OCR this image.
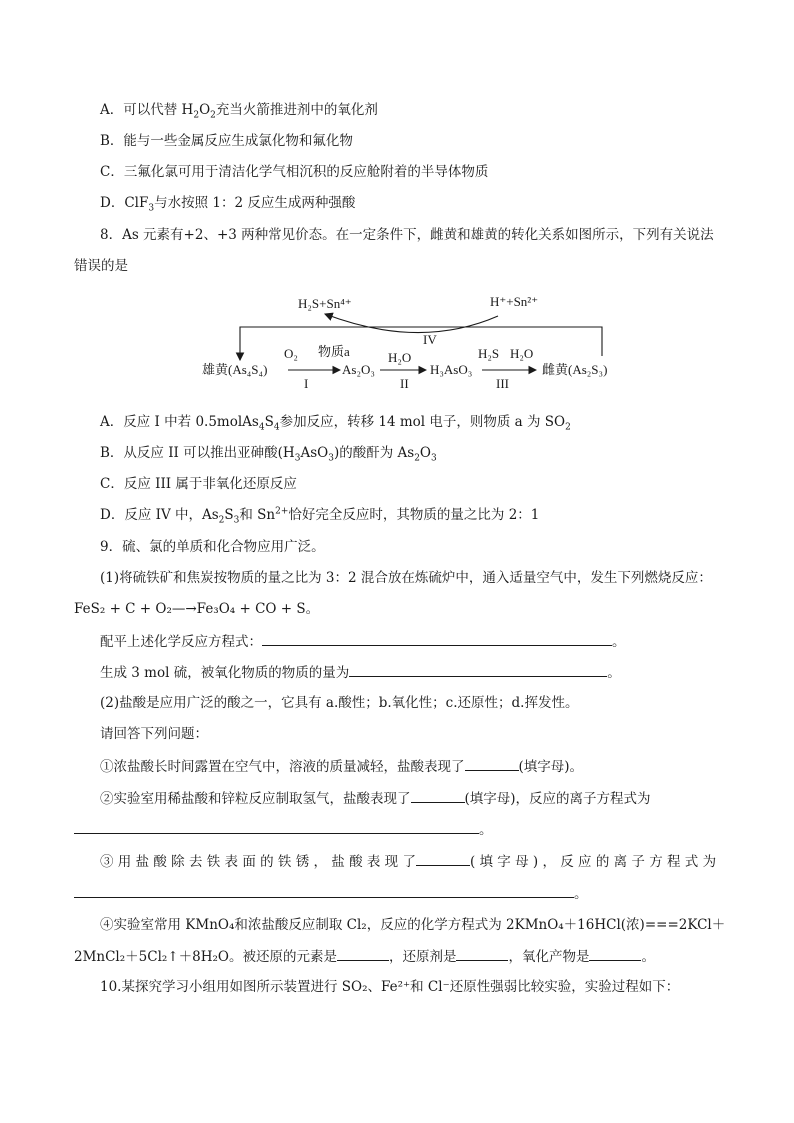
A．可以代替 $H_2O_2$充当火箭推进剂中的氧化剂
B．能与一些金属反应生成氯化物和氟化物
C．三氟化氯可用于清洁化学气相沉积的反应舱附着的半导体物质
D．ClF$_3$与水按照 1：2 反应生成两种强酸
8．As 元素有+2、+3 两种常见价态。在一定条件下，雌黄和雄黄的转化关系如图所示，下列有关说法
错误的是
H₂S+Sn⁴⁺	H⁺+Sn²⁺
IV
雄黄(As₄S₄)
O₂ 物质a
I
As₂O₃
H₂O
II
H₃AsO₃
H₂S H₂O
III
雌黄(As₂S₃)
A．反应 I 中若 $0.5molAs_4S_4$参加反应，转移 14 mol 电子，则物质 a 为 $SO_2$
B．从反应 II 可以推出亚砷酸$(H_3AsO_3)$的酸酐为 $As_2O_3$
C．反应 III 属于非氧化还原反应
D．反应 IV 中，$As_2S_3$和 $Sn^{2+}$恰好完全反应时，其物质的量之比为 2：1
9．硫、氯的单质和化合物应用广泛。
(1)将硫铁矿和焦炭按物质的量之比为 3：2 混合放在炼硫炉中，通入适量空气中，发生下列燃烧反应：
FeS₂ + C + O₂—→Fe₃O₄ + CO + S。
配平上述化学反应方程式：	。
生成 3 mol 硫，被氧化物质的物质的量为	。
(2)盐酸是应用广泛的酸之一，它具有 a.酸性；b.氧化性；c.还原性；d.挥发性。
请回答下列问题：
①浓盐酸长时间露置在空气中，溶液的质量减轻，盐酸表现了	(填字母)。
②实验室用稀盐酸和锌粒反应制取氢气，盐酸表现了	(填字母)，反应的离子方程式为
。
③ 用 盐 酸 除 去 铁 表 面 的 铁 锈 ， 盐 酸 表 现 了	( 填 字 母 ) ， 反 应 的 离 子 方 程 式 为
。
④实验室常用 KMnO₄和浓盐酸反应制取 Cl₂，反应的化学方程式为 2KMnO₄＋16HCl(浓)===2KCl＋
2MnCl₂＋5Cl₂↑＋8H₂O。被还原的元素是	，还原剂是	，氧化产物是	。
10.某探究学习小组用如图所示装置进行 SO₂、Fe²⁺和 Cl⁻还原性强弱比较实验，实验过程如下：
